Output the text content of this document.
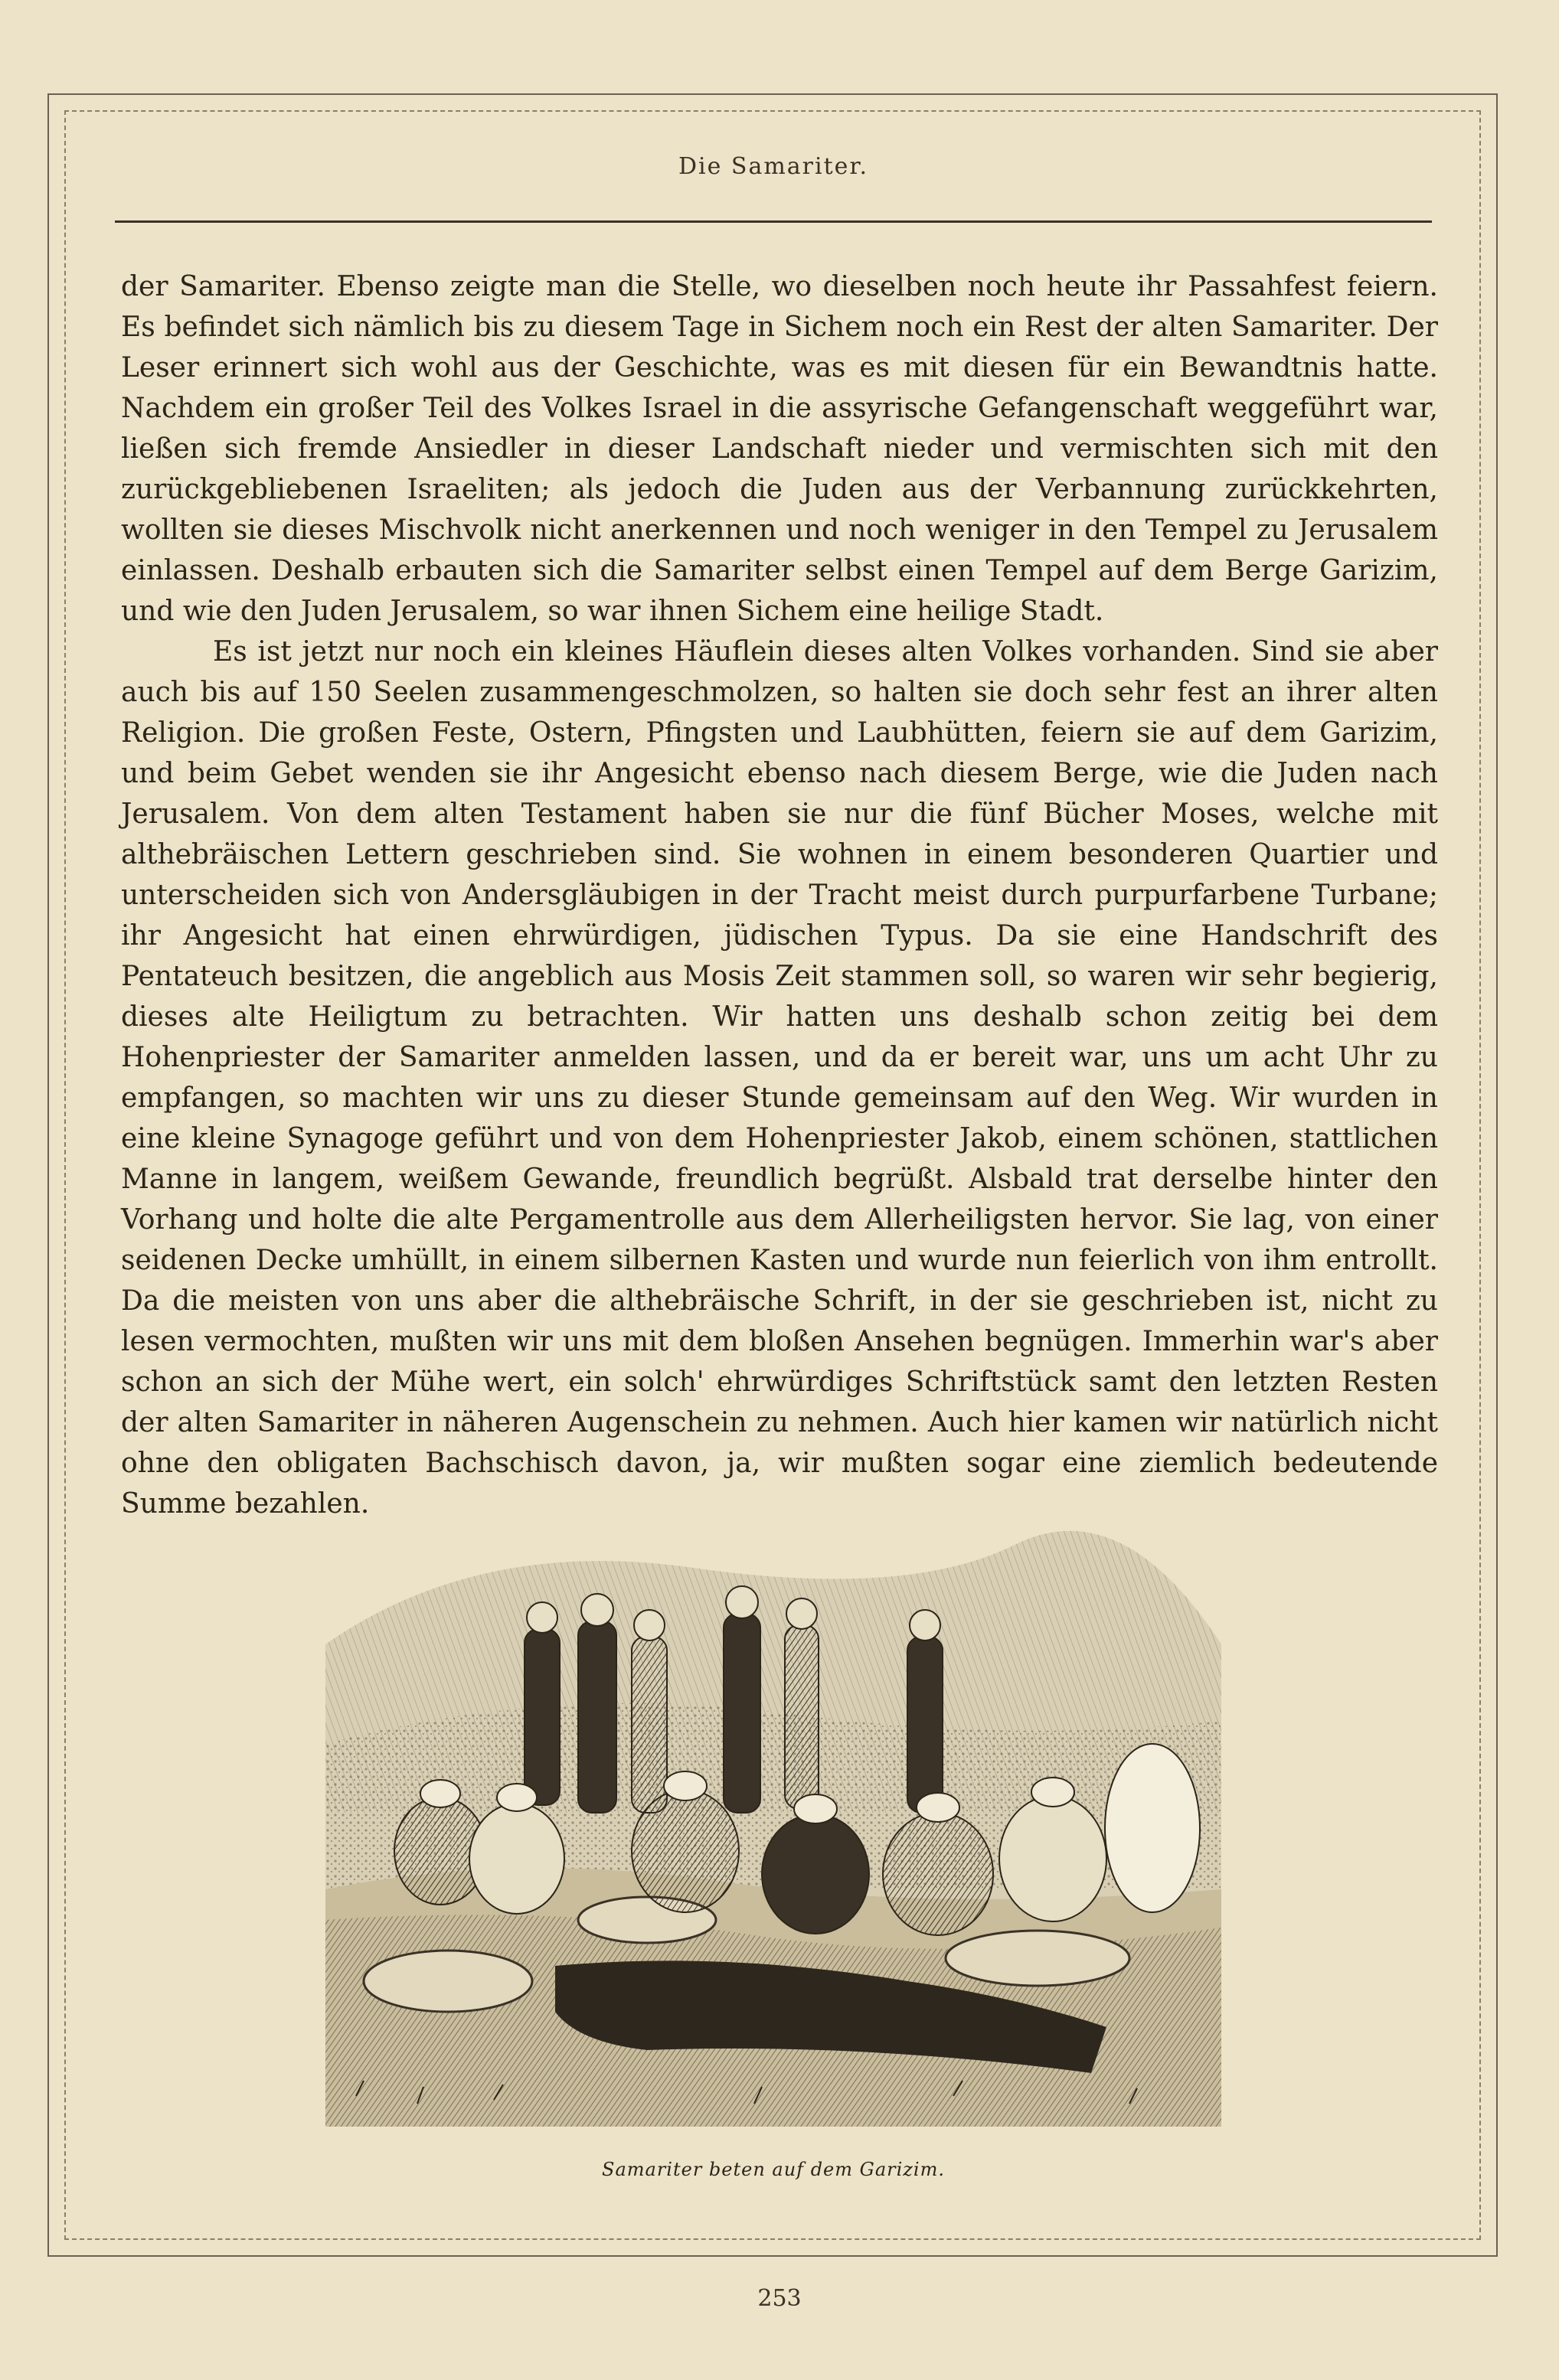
Die Samariter.

der Samariter. Ebenso zeigte man die Stelle, wo dieselben noch heute ihr Passahfest feiern. Es befindet sich nämlich bis zu diesem Tage in Sichem noch ein Rest der alten Samariter. Der Leser erinnert sich wohl aus der Geschichte, was es mit diesen für ein Bewandtnis hatte. Nachdem ein großer Teil des Volkes Israel in die assyrische Gefangenschaft weggeführt war, ließen sich fremde Ansiedler in dieser Landschaft nieder und vermischten sich mit den zurückgebliebenen Israeliten; als jedoch die Juden aus der Verbannung zurückkehrten, wollten sie dieses Mischvolk nicht anerkennen und noch weniger in den Tempel zu Jerusalem einlassen. Deshalb erbauten sich die Samariter selbst einen Tempel auf dem Berge Garizim, und wie den Juden Jerusalem, so war ihnen Sichem eine heilige Stadt.

Es ist jetzt nur noch ein kleines Häuflein dieses alten Volkes vorhanden. Sind sie aber auch bis auf 150 Seelen zusammengeschmolzen, so halten sie doch sehr fest an ihrer alten Religion. Die großen Feste, Ostern, Pfingsten und Laubhütten, feiern sie auf dem Garizim, und beim Gebet wenden sie ihr Angesicht ebenso nach diesem Berge, wie die Juden nach Jerusalem. Von dem alten Testament haben sie nur die fünf Bücher Moses, welche mit althebräischen Lettern geschrieben sind. Sie wohnen in einem besonderen Quartier und unterscheiden sich von Andersgläubigen in der Tracht meist durch purpurfarbene Turbane; ihr Angesicht hat einen ehrwürdigen, jüdischen Typus. Da sie eine Handschrift des Pentateuch besitzen, die angeblich aus Mosis Zeit stammen soll, so waren wir sehr begierig, dieses alte Heiligtum zu betrachten. Wir hatten uns deshalb schon zeitig bei dem Hohenpriester der Samariter anmelden lassen, und da er bereit war, uns um acht Uhr zu empfangen, so machten wir uns zu dieser Stunde gemeinsam auf den Weg. Wir wurden in eine kleine Synagoge geführt und von dem Hohenpriester Jakob, einem schönen, stattlichen Manne in langem, weißem Gewande, freundlich begrüßt. Alsbald trat derselbe hinter den Vorhang und holte die alte Pergamentrolle aus dem Allerheiligsten hervor. Sie lag, von einer seidenen Decke umhüllt, in einem silbernen Kasten und wurde nun feierlich von ihm entrollt. Da die meisten von uns aber die althebräische Schrift, in der sie geschrieben ist, nicht zu lesen vermochten, mußten wir uns mit dem bloßen Ansehen begnügen. Immerhin war's aber schon an sich der Mühe wert, ein solch' ehrwürdiges Schriftstück samt den letzten Resten der alten Samariter in näheren Augenschein zu nehmen. Auch hier kamen wir natürlich nicht ohne den obligaten Bachschisch davon, ja, wir mußten sogar eine ziemlich bedeutende Summe bezahlen.

Samariter beten auf dem Garizim.
253
